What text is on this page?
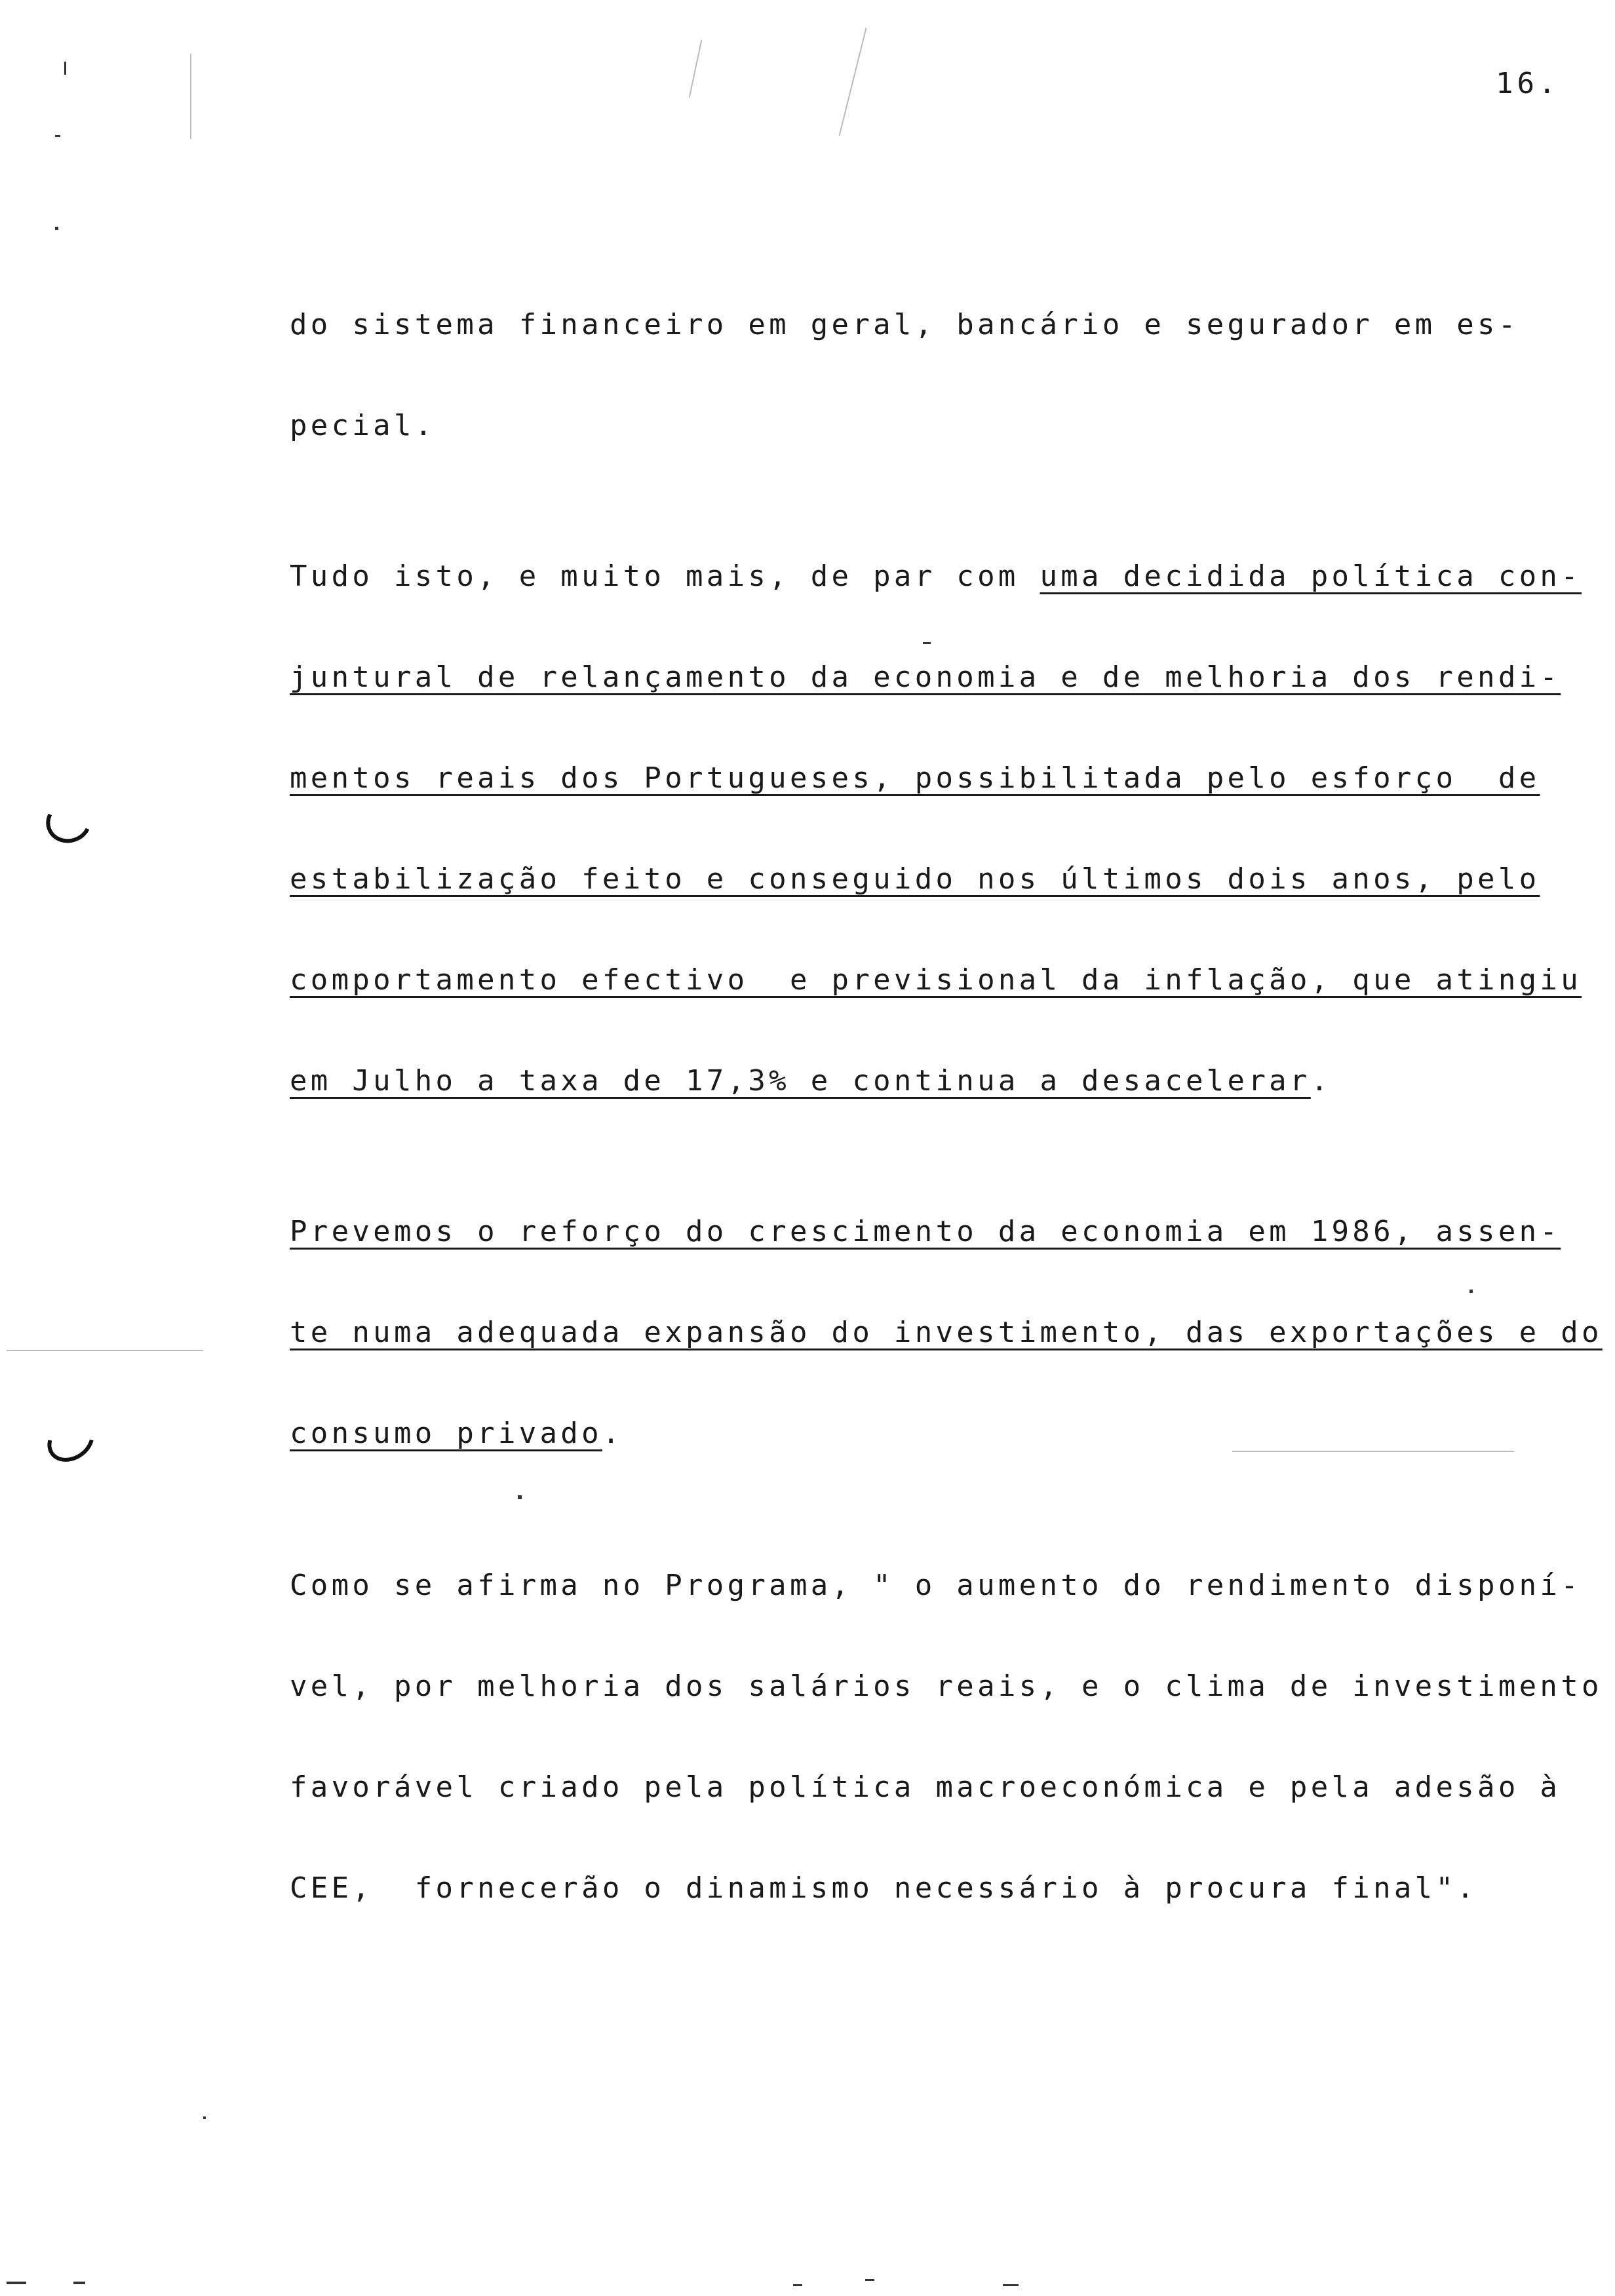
16.
do sistema financeiro em geral, bancário e segurador em es-
pecial.
Tudo isto, e muito mais, de par com uma decidida política con-
juntural de relançamento da economia e de melhoria dos rendi-
mentos reais dos Portugueses, possibilitada pelo esforço  de
estabilização feito e conseguido nos últimos dois anos, pelo
comportamento efectivo  e previsional da inflação, que atingiu
em Julho a taxa de 17,3% e continua a desacelerar.
Prevemos o reforço do crescimento da economia em 1986, assen-
te numa adequada expansão do investimento, das exportações e do
consumo privado.
Como se afirma no Programa, " o aumento do rendimento disponí-
vel, por melhoria dos salários reais, e o clima de investimento
favorável criado pela política macroeconómica e pela adesão à
CEE,  fornecerão o dinamismo necessário à procura final".
